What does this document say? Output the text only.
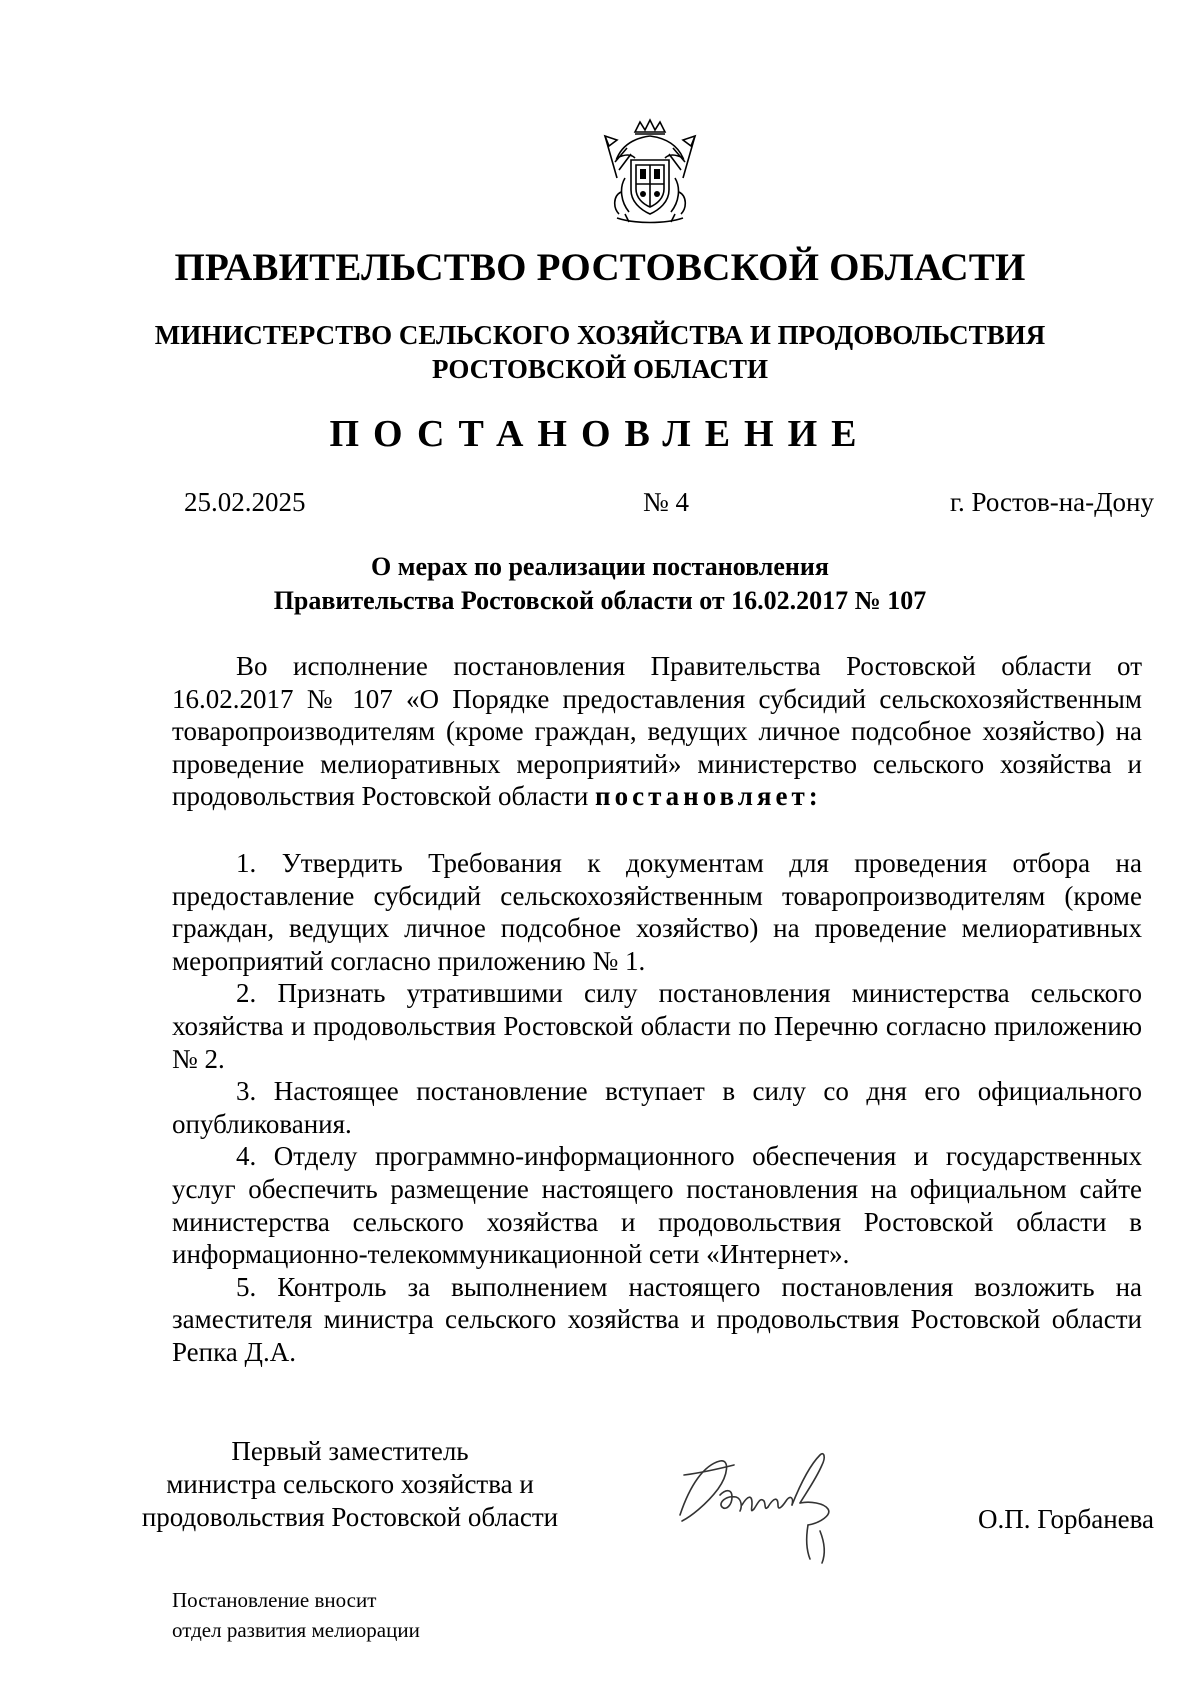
ПРАВИТЕЛЬСТВО РОСТОВСКОЙ ОБЛАСТИ
МИНИСТЕРСТВО СЕЛЬСКОГО ХОЗЯЙСТВА И ПРОДОВОЛЬСТВИЯ
РОСТОВСКОЙ ОБЛАСТИ
ПОСТАНОВЛЕНИЕ
25.02.2025	№ 4	г. Ростов-на-Дону
О мерах по реализации постановления
Правительства Ростовской области от 16.02.2017 № 107

Во исполнение постановления Правительства Ростовской области от 16.02.2017 № 107 «О Порядке предоставления субсидий сельскохозяйственным товаропроизводителям (кроме граждан, ведущих личное подсобное хозяйство) на проведение мелиоративных мероприятий» министерство сельского хозяйства и продовольствия Ростовской области постановляет:

1. Утвердить Требования к документам для проведения отбора на предоставление субсидий сельскохозяйственным товаропроизводителям (кроме граждан, ведущих личное подсобное хозяйство) на проведение мелиоративных мероприятий согласно приложению № 1.

2. Признать утратившими силу постановления министерства сельского хозяйства и продовольствия Ростовской области по Перечню согласно приложению № 2.

3. Настоящее постановление вступает в силу со дня его официального опубликования.

4. Отделу программно-информационного обеспечения и государственных услуг обеспечить размещение настоящего постановления на официальном сайте министерства сельского хозяйства и продовольствия Ростовской области в информационно-телекоммуникационной сети «Интернет».

5. Контроль за выполнением настоящего постановления возложить на заместителя министра сельского хозяйства и продовольствия Ростовской области Репка Д.А.

Первый заместитель
министра сельского хозяйства и
продовольствия Ростовской области	О.П. Горбанева
Постановление вносит
отдел развития мелиорации
